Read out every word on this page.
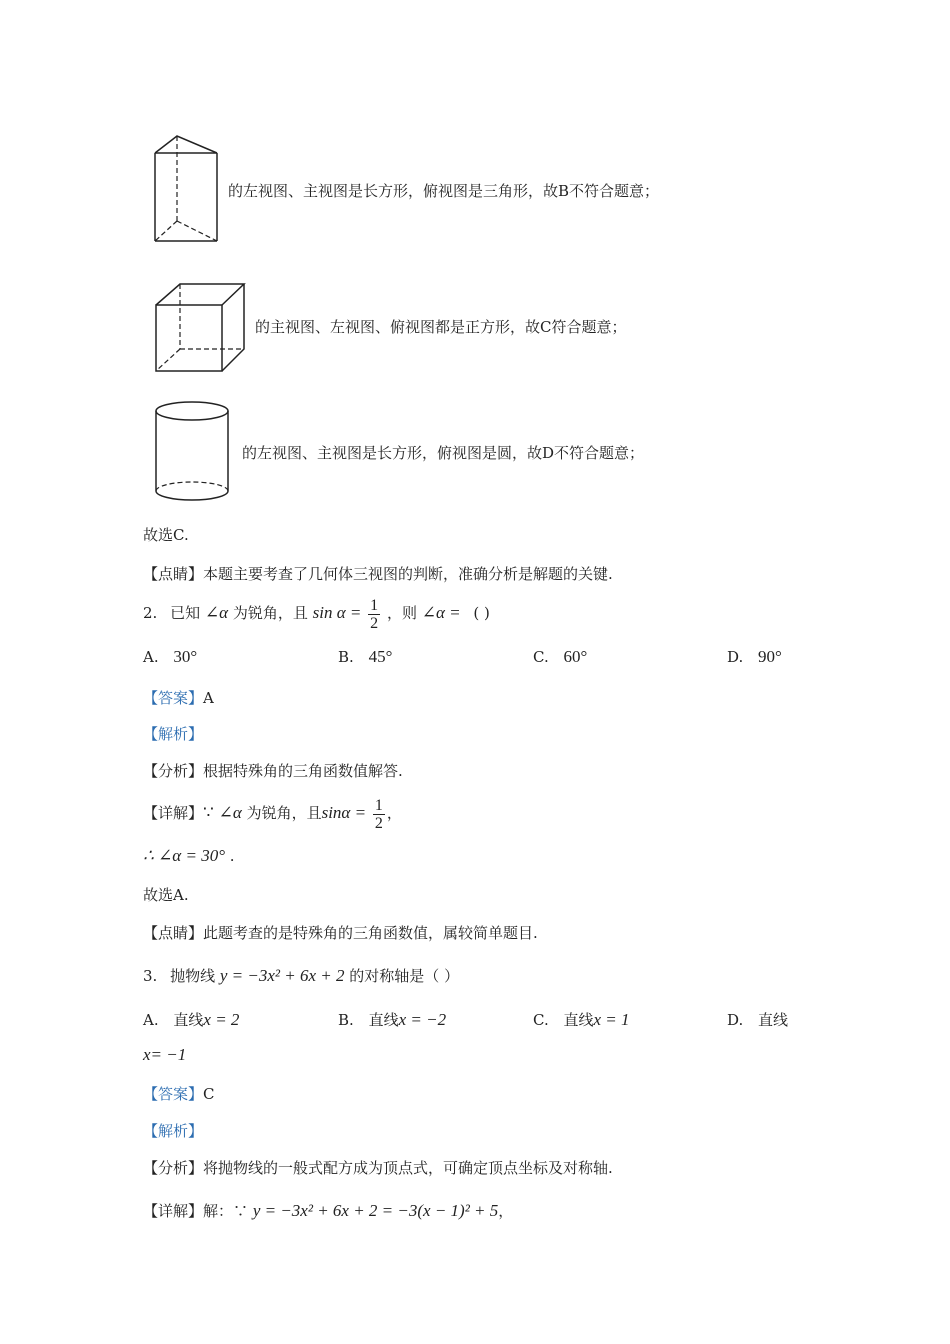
的左视图、主视图是长方形，俯视图是三角形，故B不符合题意；
的主视图、左视图、俯视图都是正方形，故C符合题意；
的左视图、主视图是长方形，俯视图是圆，故D不符合题意；
故选C.
【点睛】本题主要考查了几何体三视图的判断，准确分析是解题的关键.
2. 已知 ∠α 为锐角，且 $\sin \alpha = \frac{1}{2}$ ，则 ∠α = ( )
A. 30°	B. 45°	C. 60°	D. 90°
【答案】A
【解析】
【分析】根据特殊角的三角函数值解答.
【详解】∵ ∠α 为锐角，且$\sin\alpha = \frac{1}{2}$ ，
∴ ∠α = 30° .
故选A.
【点睛】此题考查的是特殊角的三角函数值，属较简单题目.
3. 抛物线 y = −3x² + 6x + 2 的对称轴是（ ）
A. 直线x = 2	B. 直线x = −2	C. 直线x = 1	D. 直线
x= −1
【答案】C
【解析】
【分析】将抛物线的一般式配方成为顶点式，可确定顶点坐标及对称轴.
【详解】解：∵ y = −3x² + 6x + 2 = −3(x − 1)² + 5，
